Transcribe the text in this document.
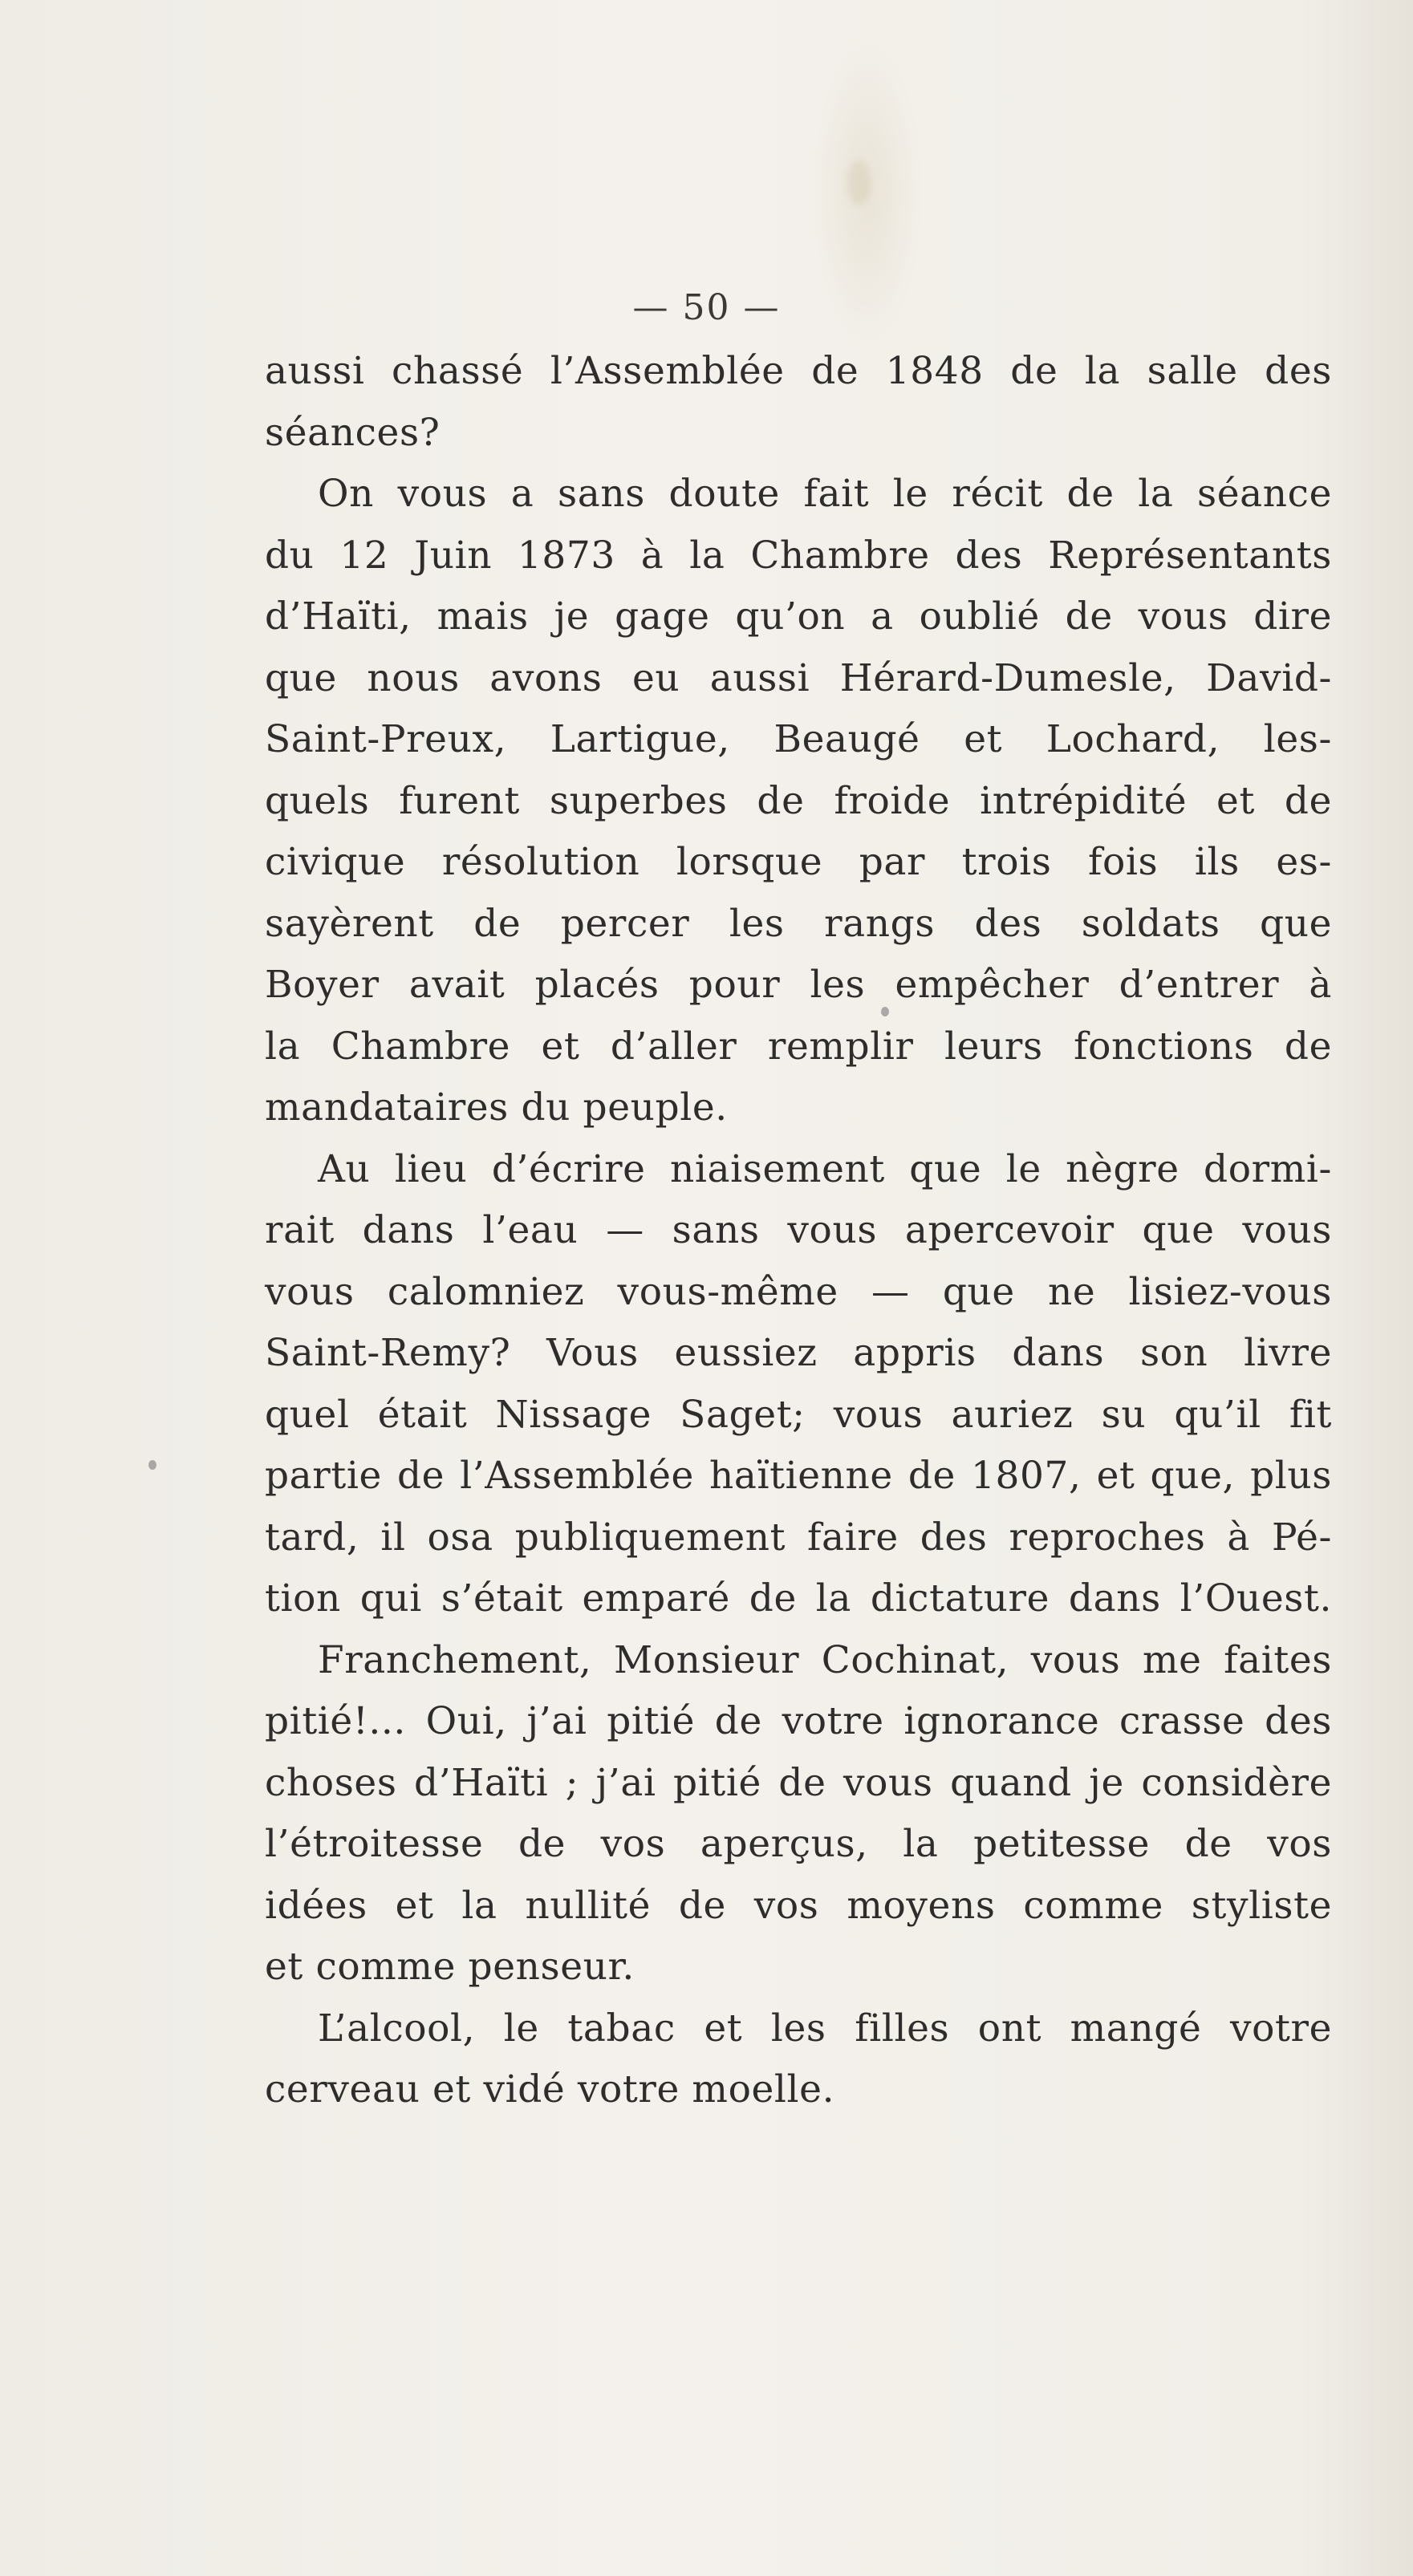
— 50 —
aussi chassé l’Assemblée de 1848 de la salle des
séances?
On vous a sans doute fait le récit de la séance
du 12 Juin 1873 à la Chambre des Représentants
d’Haïti, mais je gage qu’on a oublié de vous dire
que nous avons eu aussi Hérard-Dumesle, David-
Saint-Preux, Lartigue, Beaugé et Lochard, les-
quels furent superbes de froide intrépidité et de
civique résolution lorsque par trois fois ils es-
sayèrent de percer les rangs des soldats que
Boyer avait placés pour les empêcher d’entrer à
la Chambre et d’aller remplir leurs fonctions de
mandataires du peuple.
Au lieu d’écrire niaisement que le nègre dormi-
rait dans l’eau — sans vous apercevoir que vous
vous calomniez vous-même — que ne lisiez-vous
Saint-Remy? Vous eussiez appris dans son livre
quel était Nissage Saget; vous auriez su qu’il fit
partie de l’Assemblée haïtienne de 1807, et que, plus
tard, il osa publiquement faire des reproches à Pé-
tion qui s’était emparé de la dictature dans l’Ouest.
Franchement, Monsieur Cochinat, vous me faites
pitié!... Oui, j’ai pitié de votre ignorance crasse des
choses d’Haïti ; j’ai pitié de vous quand je considère
l’étroitesse de vos aperçus, la petitesse de vos
idées et la nullité de vos moyens comme styliste
et comme penseur.
L’alcool, le tabac et les filles ont mangé votre
cerveau et vidé votre moelle.
